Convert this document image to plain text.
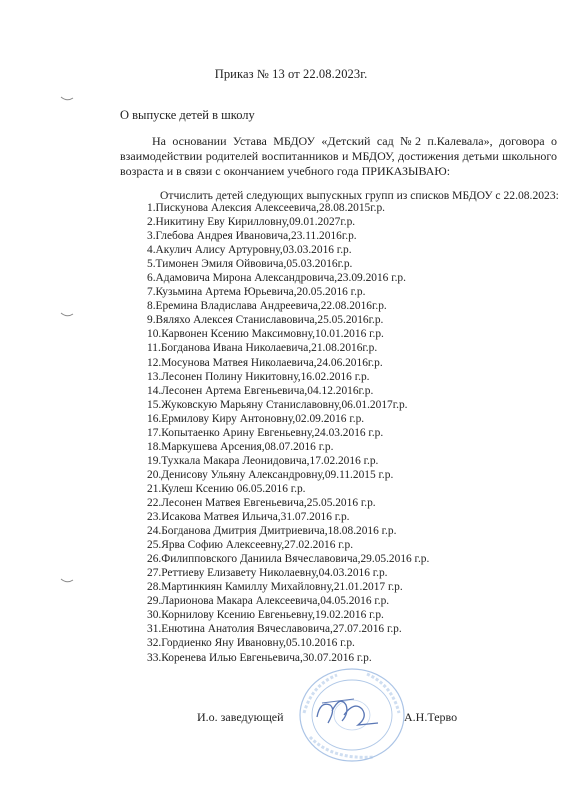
Приказ № 13 от 22.08.2023г.
О выпуске детей в школу
На основании Устава МБДОУ «Детский сад №2 п.Калевала», договора о взаимодействии родителей воспитанников и МБДОУ, достижения детьми школьного возраста и в связи с окончанием учебного года ПРИКАЗЫВАЮ:
Отчислить детей следующих выпускных групп из списков МБДОУ с 22.08.2023:
1.Пискунова Алексия Алексеевича,28.08.2015г.р.
2.Никитину Еву Кирилловну,09.01.2027г.р.
3.Глебова Андрея Ивановича,23.11.2016г.р.
4.Акулич Алису Артуровну,03.03.2016 г.р.
5.Тимонен Эмиля Ойвовича,05.03.2016г.р.
6.Адамовича Мирона Александровича,23.09.2016 г.р.
7.Кузьмина Артема Юрьевича,20.05.2016 г.р.
8.Еремина Владислава Андреевича,22.08.2016г.р.
9.Вяляхо Алексея Станиславовича,25.05.2016г.р.
10.Карвонен Ксению Максимовну,10.01.2016 г.р.
11.Богданова Ивана Николаевича,21.08.2016г.р.
12.Мосунова Матвея Николаевича,24.06.2016г.р.
13.Лесонен Полину Никитовну,16.02.2016 г.р.
14.Лесонен Артема Евгеньевича,04.12.2016г.р.
15.Жуковскую Марьяну Станиславовну,06.01.2017г.р.
16.Ермилову Киру Антоновну,02.09.2016 г.р.
17.Копытаенко Арину Евгеньевну,24.03.2016 г.р.
18.Маркушева Арсения,08.07.2016 г.р.
19.Тухкала Макара Леонидовича,17.02.2016 г.р.
20.Денисову Ульяну Александровну,09.11.2015 г.р.
21.Кулеш Ксению 06.05.2016 г.р.
22.Лесонен Матвея Евгеньевича,25.05.2016 г.р.
23.Исакова Матвея Ильича,31.07.2016 г.р.
24.Богданова Дмитрия Дмитриевича,18.08.2016 г.р.
25.Ярва Софию Алексеевну,27.02.2016 г.р.
26.Филипповского Даниила Вячеславовича,29.05.2016 г.р.
27.Реттиеву Елизавету Николаевну,04.03.2016 г.р.
28.Мартинкиян Камиллу Михайловну,21.01.2017 г.р.
29.Ларионова Макара Алексеевича,04.05.2016 г.р.
30.Корнилову Ксению Евгеньевну,19.02.2016 г.р.
31.Енютина Анатолия Вячеславовича,27.07.2016 г.р.
32.Гордиенко Яну Ивановну,05.10.2016 г.р.
33.Коренева Илью Евгеньевича,30.07.2016 г.р.
И.о. заведующей	А.Н.Терво
